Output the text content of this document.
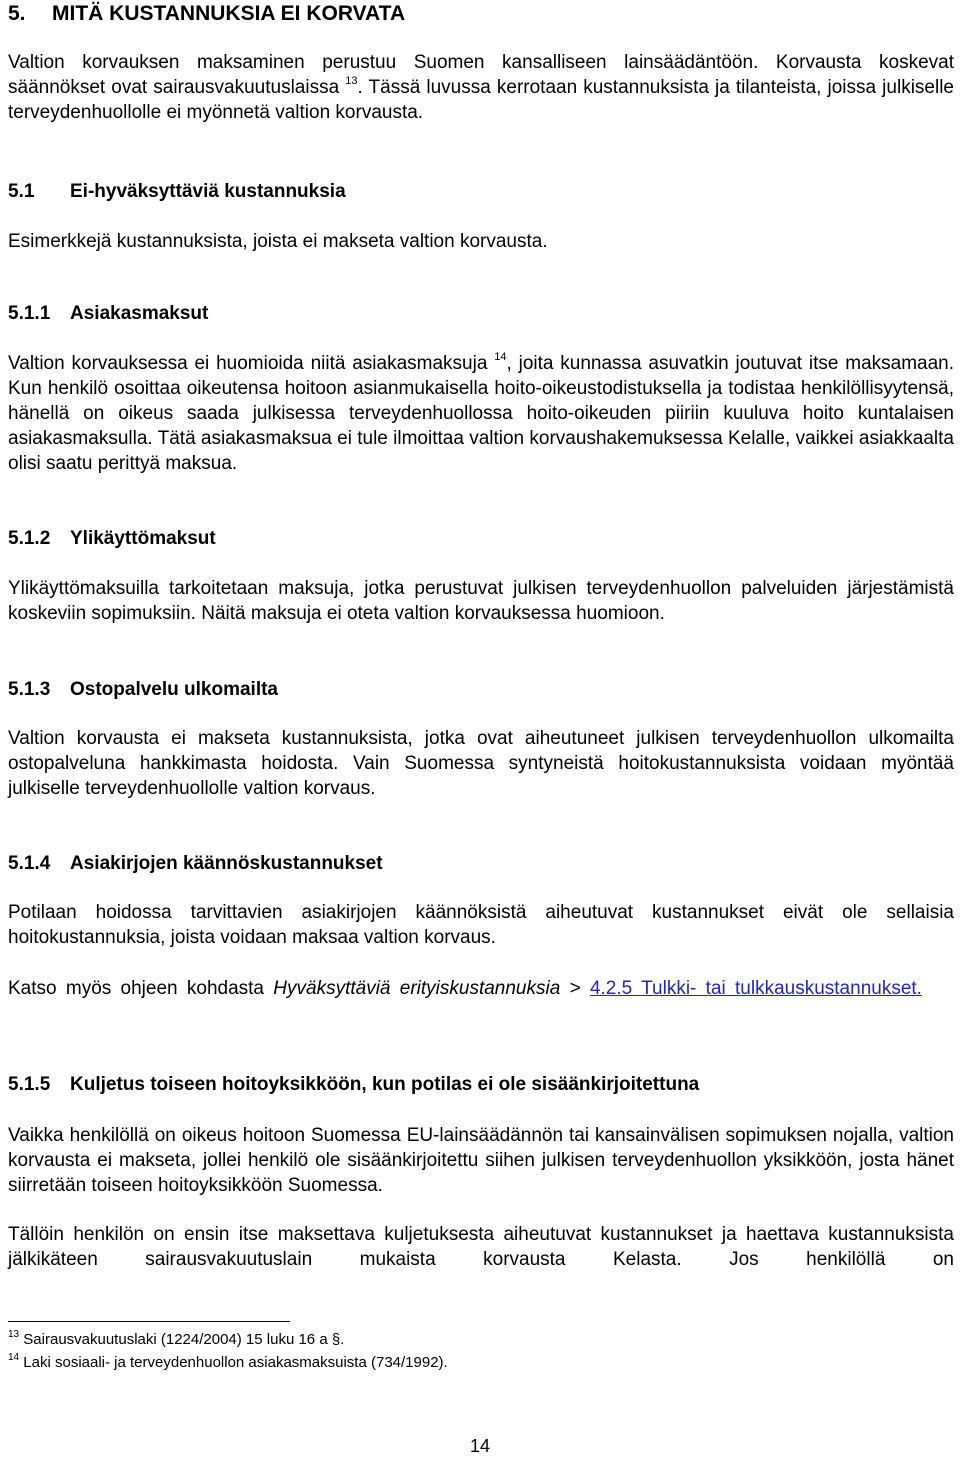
5. MITÄ KUSTANNUKSIA EI KORVATA

Valtion korvauksen maksaminen perustuu Suomen kansalliseen lainsäädäntöön. Korvausta koskevat säännökset ovat sairausvakuutuslaissa $^{13}$. Tässä luvussa kerrotaan kustannuksista ja tilanteista, joissa julkiselle terveydenhuollolle ei myönnetä valtion korvausta.

5.1 Ei-hyväksyttäviä kustannuksia

Esimerkkejä kustannuksista, joista ei makseta valtion korvausta.

5.1.1 Asiakasmaksut

Valtion korvauksessa ei huomioida niitä asiakasmaksuja $^{14}$, joita kunnassa asuvatkin joutuvat itse maksamaan. Kun henkilö osoittaa oikeutensa hoitoon asianmukaisella hoito-oikeustodistuksella ja todistaa henkilöllisyytensä, hänellä on oikeus saada julkisessa terveydenhuollossa hoito-oikeuden piiriin kuuluva hoito kuntalaisen asiakasmaksulla. Tätä asiakasmaksua ei tule ilmoittaa valtion korvaushakemuksessa Kelalle, vaikkei asiakkaalta olisi saatu perittyä maksua.

5.1.2 Ylikäyttömaksut

Ylikäyttömaksuilla tarkoitetaan maksuja, jotka perustuvat julkisen terveydenhuollon palveluiden järjestämistä koskeviin sopimuksiin. Näitä maksuja ei oteta valtion korvauksessa huomioon.

5.1.3 Ostopalvelu ulkomailta

Valtion korvausta ei makseta kustannuksista, jotka ovat aiheutuneet julkisen terveydenhuollon ulkomailta ostopalveluna hankkimasta hoidosta. Vain Suomessa syntyneistä hoitokustannuksista voidaan myöntää julkiselle terveydenhuollolle valtion korvaus.

5.1.4 Asiakirjojen käännöskustannukset

Potilaan hoidossa tarvittavien asiakirjojen käännöksistä aiheutuvat kustannukset eivät ole sellaisia hoitokustannuksia, joista voidaan maksaa valtion korvaus.

Katso myös ohjeen kohdasta Hyväksyttäviä erityiskustannuksia > 4.2.5 Tulkki- tai tulkkauskustannukset.

5.1.5 Kuljetus toiseen hoitoyksikköön, kun potilas ei ole sisäänkirjoitettuna

Vaikka henkilöllä on oikeus hoitoon Suomessa EU-lainsäädännön tai kansainvälisen sopimuksen nojalla, valtion korvausta ei makseta, jollei henkilö ole sisäänkirjoitettu siihen julkisen terveydenhuollon yksikköön, josta hänet siirretään toiseen hoitoyksikköön Suomessa.

Tällöin henkilön on ensin itse maksettava kuljetuksesta aiheutuvat kustannukset ja haettava kustannuksista jälkikäteen sairausvakuutuslain mukaista korvausta Kelasta. Jos henkilöllä on

$^{13}$ Sairausvakuutuslaki (1224/2004) 15 luku 16 a §.

$^{14}$ Laki sosiaali- ja terveydenhuollon asiakasmaksuista (734/1992).

14
